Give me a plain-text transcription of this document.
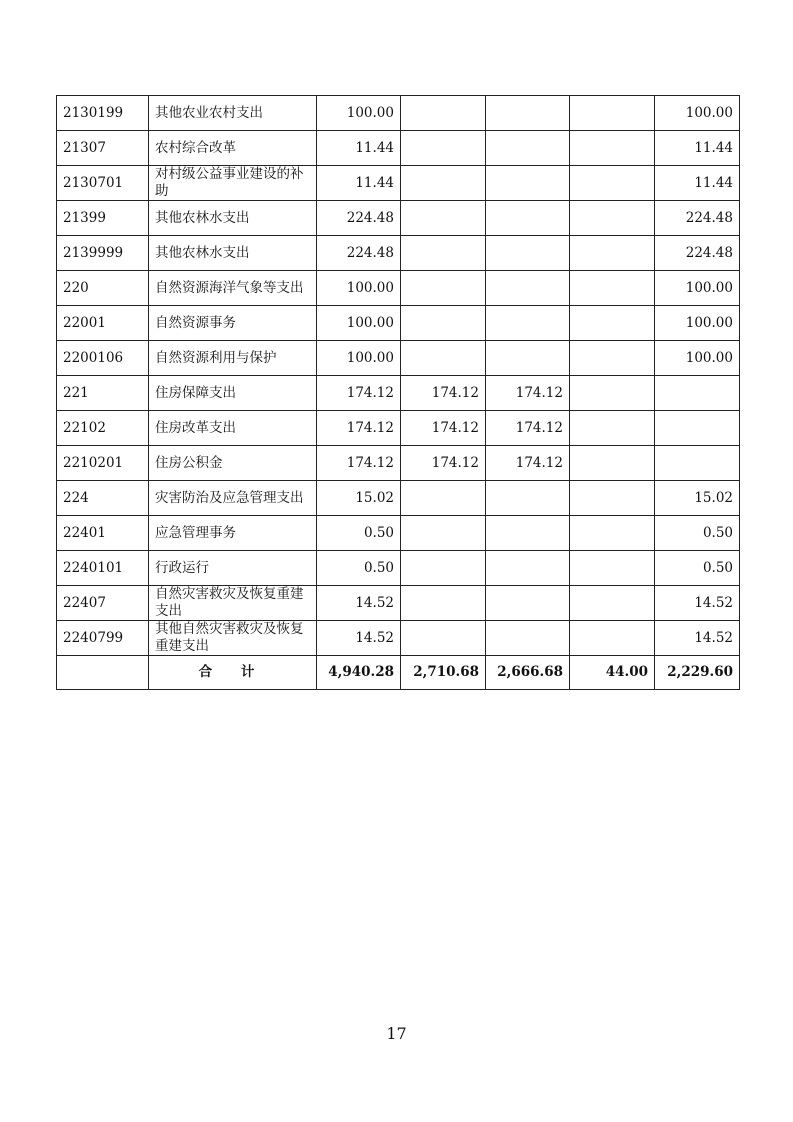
2130199	其他农业农村支出	100.00				100.00
21307	农村综合改革	11.44				11.44
2130701	对村级公益事业建设的补助	11.44				11.44
21399	其他农林水支出	224.48				224.48
2139999	其他农林水支出	224.48				224.48
220	自然资源海洋气象等支出	100.00				100.00
22001	自然资源事务	100.00				100.00
2200106	自然资源利用与保护	100.00				100.00
221	住房保障支出	174.12	174.12	174.12		
22102	住房改革支出	174.12	174.12	174.12		
2210201	住房公积金	174.12	174.12	174.12		
224	灾害防治及应急管理支出	15.02				15.02
22401	应急管理事务	0.50				0.50
2240101	行政运行	0.50				0.50
22407	自然灾害救灾及恢复重建支出	14.52				14.52
2240799	其他自然灾害救灾及恢复重建支出	14.52				14.52
	合 计	4,940.28	2,710.68	2,666.68	44.00	2,229.60
17
